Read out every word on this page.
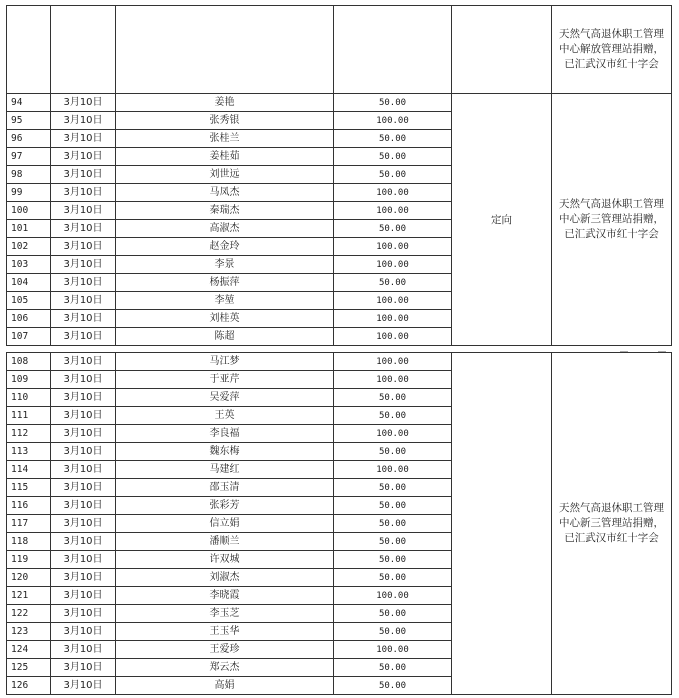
					天然气高退休职工管理中心解放管理站捐赠，已汇武汉市红十字会
94	3月10日	姜艳	50.00	定向	天然气高退休职工管理中心新三管理站捐赠，已汇武汉市红十字会
95	3月10日	张秀银	100.00		
96	3月10日	张桂兰	50.00		
97	3月10日	姜桂茹	50.00		
98	3月10日	刘世远	50.00		
99	3月10日	马凤杰	100.00		
100	3月10日	秦瑞杰	100.00		
101	3月10日	高淑杰	50.00		
102	3月10日	赵金玲	100.00		
103	3月10日	李景	100.00		
104	3月10日	杨振萍	50.00		
105	3月10日	李堃	100.00		
106	3月10日	刘桂英	100.00		
107	3月10日	陈超	100.00		
108	3月10日	马江梦	100.00		天然气高退休职工管理中心新三管理站捐赠，已汇武汉市红十字会
109	3月10日	于亚芹	100.00		
110	3月10日	吴爱萍	50.00		
111	3月10日	王英	50.00		
112	3月10日	李良福	100.00		
113	3月10日	魏东梅	50.00		
114	3月10日	马建红	100.00		
115	3月10日	邵玉清	50.00		
116	3月10日	张彩芳	50.00		
117	3月10日	信立娟	50.00		
118	3月10日	潘顺兰	50.00		
119	3月10日	许双城	50.00		
120	3月10日	刘淑杰	50.00		
121	3月10日	李晓霞	100.00		
122	3月10日	李玉芝	50.00		
123	3月10日	王玉华	50.00		
124	3月10日	王爱珍	100.00		
125	3月10日	郑云杰	50.00		
126	3月10日	高娟	50.00		
